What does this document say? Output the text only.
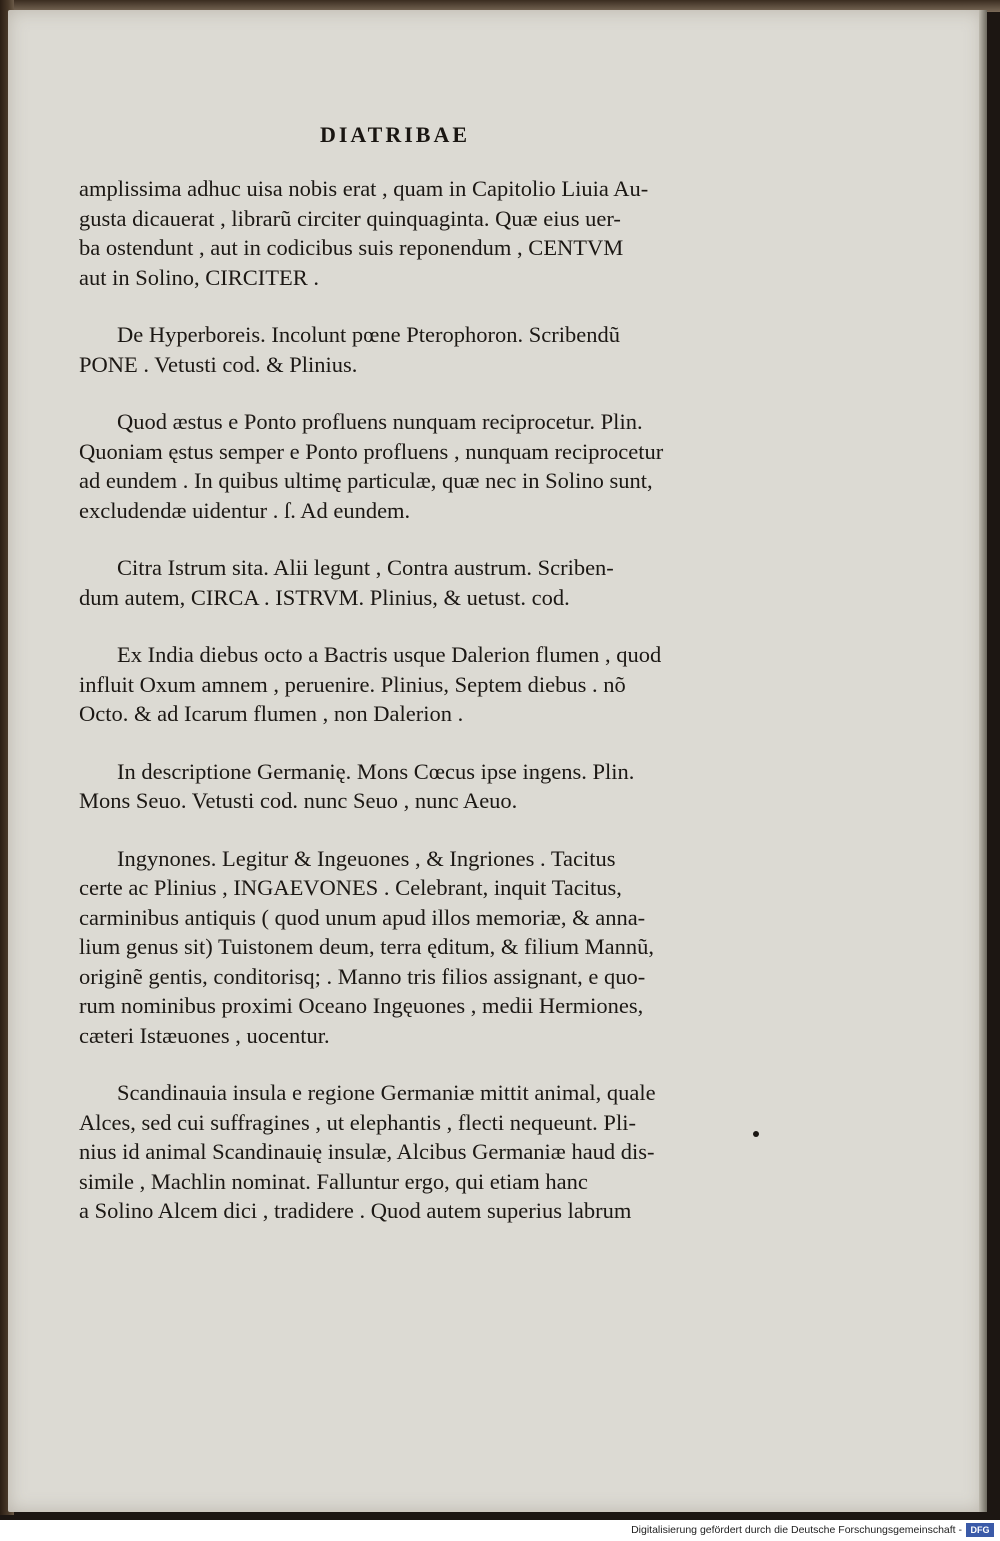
DIATRIBAE

amplissima adhuc uisa nobis erat , quam in Capitolio Liuia Au-

gusta dicauerat , librarũ circiter quinquaginta. Quæ eius uer-

ba ostendunt , aut in codicibus suis reponendum , CENTVM

aut in Solino, CIRCITER .

De Hyperboreis. Incolunt pœne Pterophoron. Scribendũ

PONE . Vetusti cod. & Plinius.

Quod æstus e Ponto profluens nunquam reciprocetur. Plin.

Quoniam ęstus semper e Ponto profluens , nunquam reciprocetur

ad eundem . In quibus ultimę particulæ, quæ nec in Solino sunt,

excludendæ uidentur . ſ. Ad eundem.

Citra Istrum sita. Alii legunt , Contra austrum. Scriben-

dum autem, CIRCA . ISTRVM. Plinius, & uetust. cod.

Ex India diebus octo a Bactris usque Dalerion flumen , quod

influit Oxum amnem , peruenire. Plinius, Septem diebus . nõ

Octo. & ad Icarum flumen , non Dalerion .

In descriptione Germanię. Mons Cœcus ipse ingens. Plin.

Mons Seuo. Vetusti cod. nunc Seuo , nunc Aeuo.

Ingynones. Legitur & Ingeuones , & Ingriones . Tacitus

certe ac Plinius , INGAEVONES . Celebrant, inquit Tacitus,

carminibus antiquis ( quod unum apud illos memoriæ, & anna-

lium genus sit) Tuistonem deum, terra ęditum, & filium Mannũ,

originẽ gentis, conditorisq; . Manno tris filios assignant, e quo-

rum nominibus proximi Oceano Ingęuones , medii Hermiones,

cæteri Istæuones , uocentur.

Scandinauia insula e regione Germaniæ mittit animal, quale

Alces, sed cui suffragines , ut elephantis , flecti nequeunt. Pli-

nius id animal Scandinauię insulæ, Alcibus Germaniæ haud dis-

simile , Machlin nominat. Falluntur ergo, qui etiam hanc

a Solino Alcem dici , tradidere . Quod autem superius labrum

Digitalisierung gefördert durch die Deutsche Forschungsgemeinschaft - DFG
